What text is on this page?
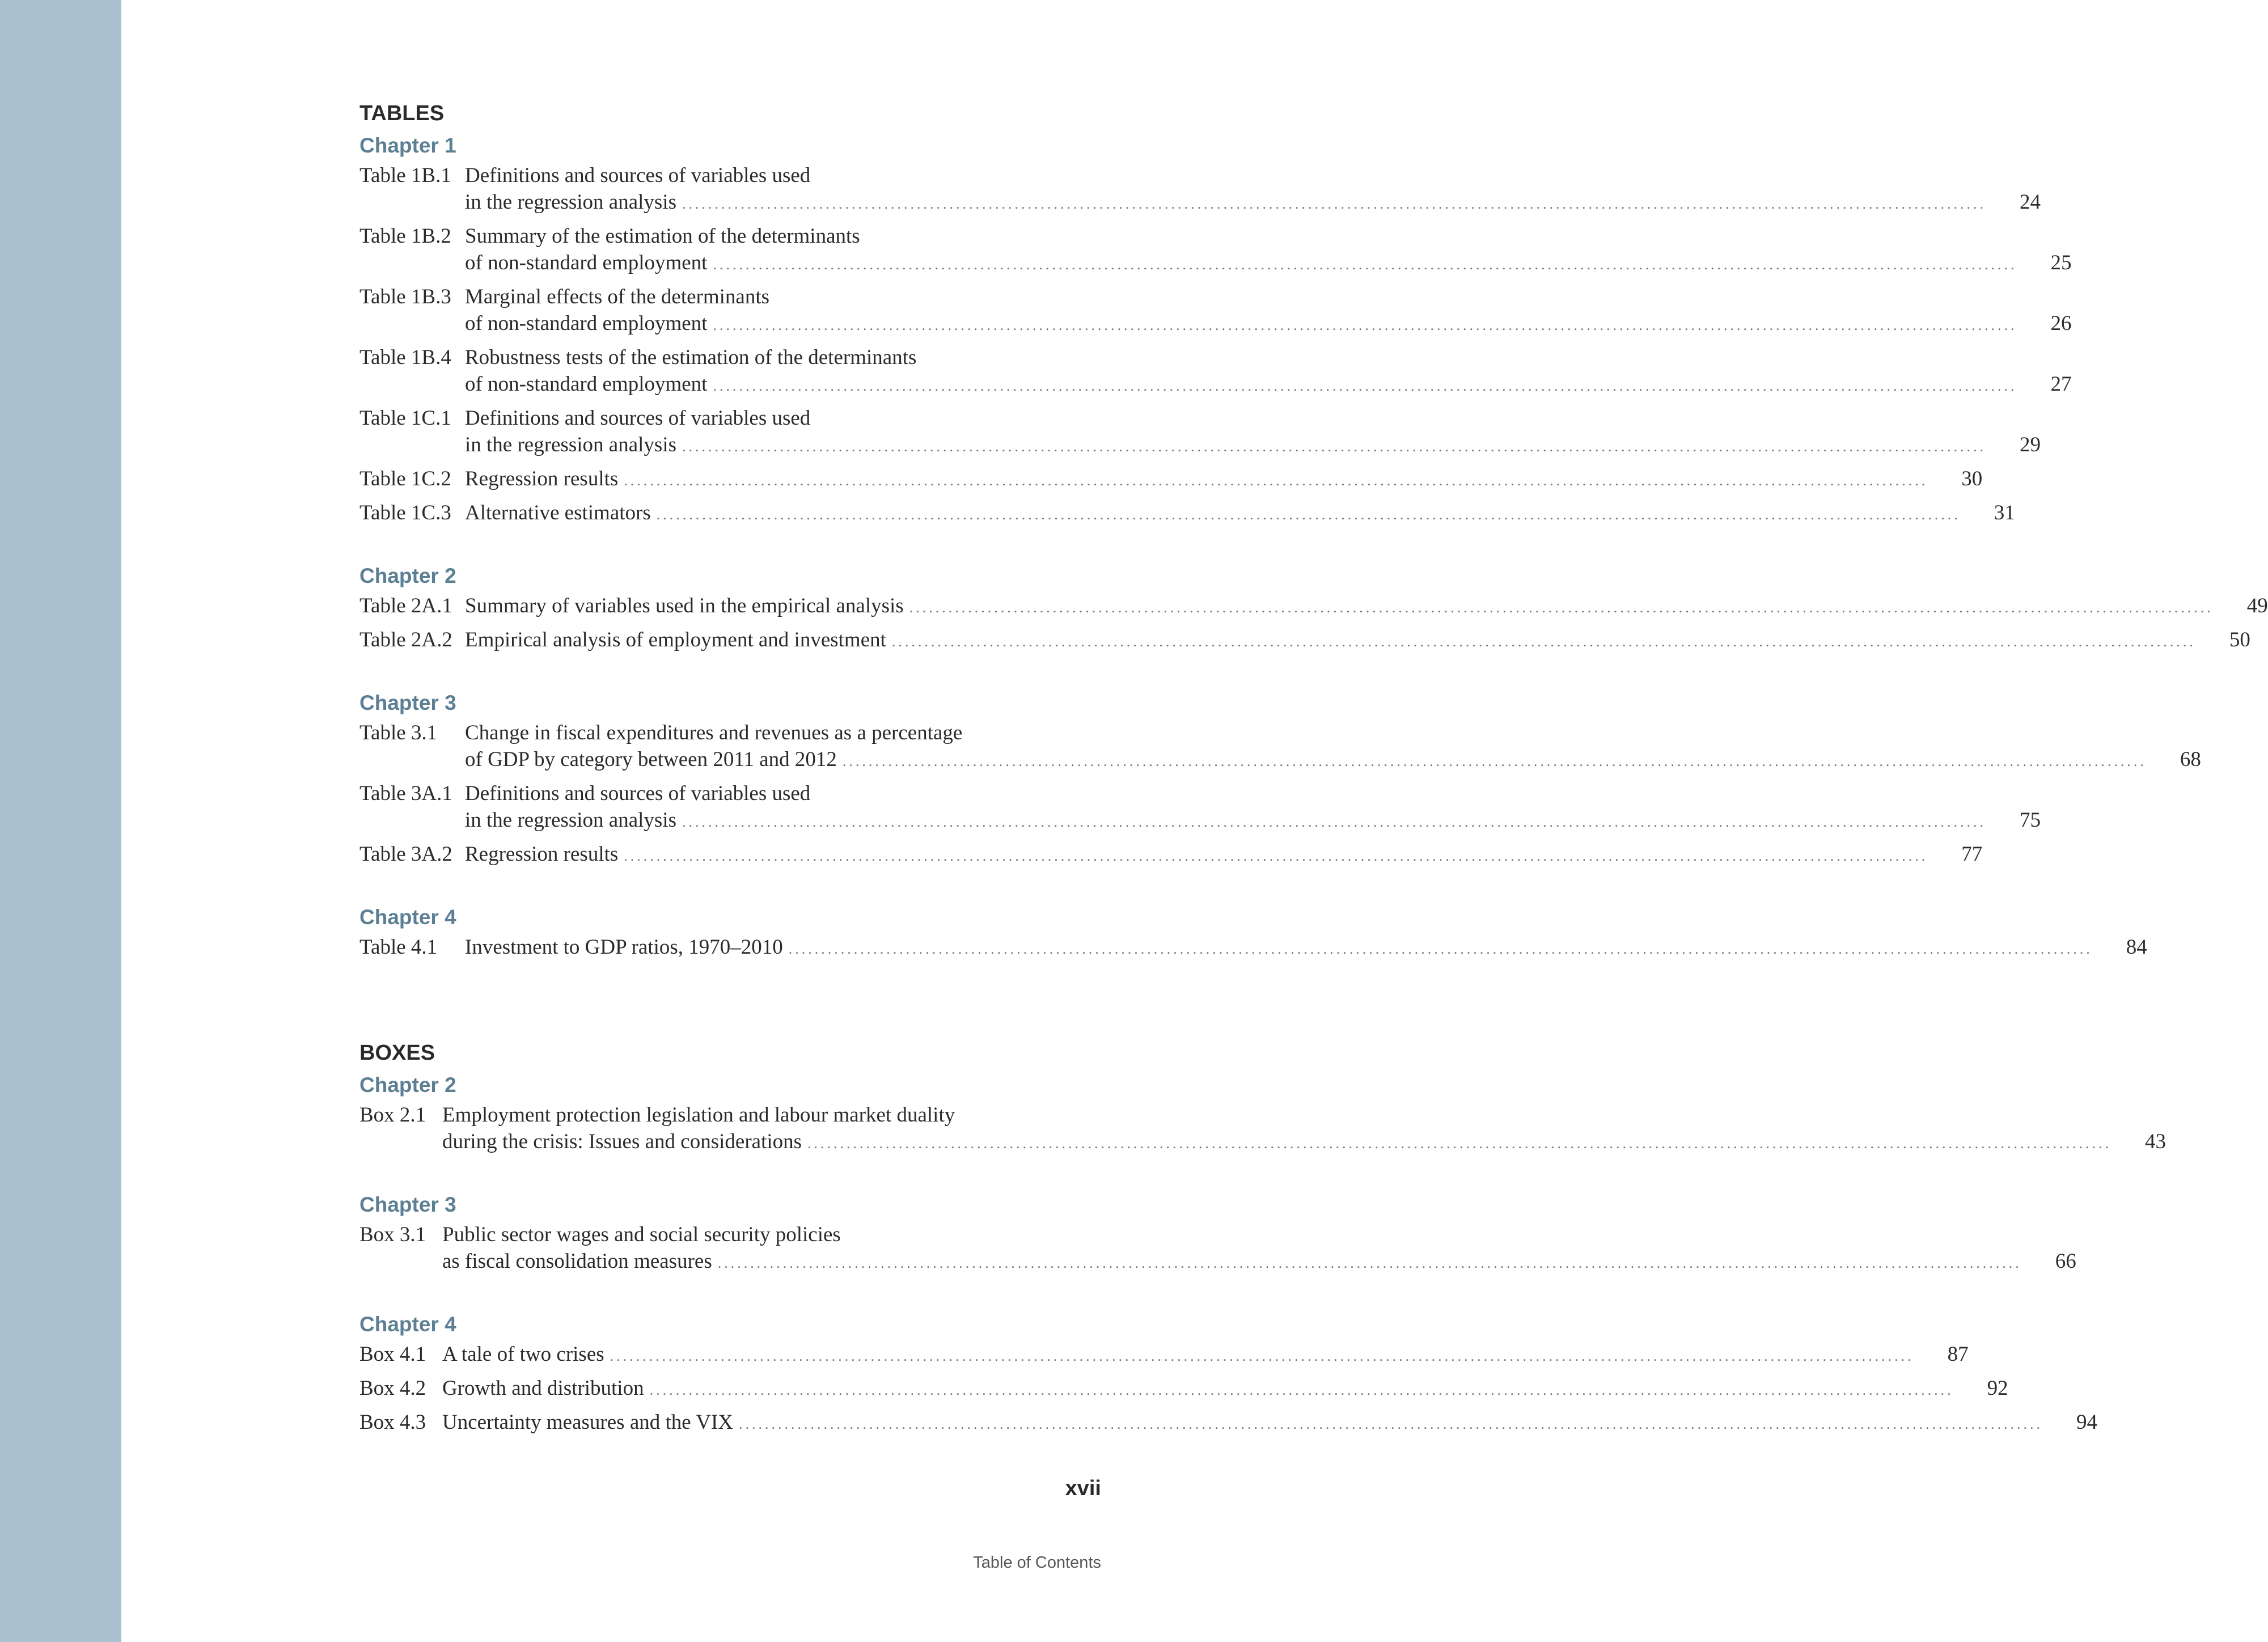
TABLES
Chapter 1
Table 1B.1 Definitions and sources of variables used
in the regression analysis ........................................................................................................................................................................................................	24
Table 1B.2 Summary of the estimation of the determinants
of non-standard employment ........................................................................................................................................................................................................	25
Table 1B.3 Marginal effects of the determinants
of non-standard employment ........................................................................................................................................................................................................	26
Table 1B.4 Robustness tests of the estimation of the determinants
of non-standard employment ........................................................................................................................................................................................................	27
Table 1C.1 Definitions and sources of variables used
in the regression analysis ........................................................................................................................................................................................................	29
Table 1C.2 Regression results ........................................................................................................................................................................................................	30
Table 1C.3 Alternative estimators ........................................................................................................................................................................................................	31
Chapter 2
Table 2A.1 Summary of variables used in the empirical analysis ........................................................................................................................................................................................................	49
Table 2A.2 Empirical analysis of employment and investment ........................................................................................................................................................................................................	50
Chapter 3
Table 3.1	Change in fiscal expenditures and revenues as a percentage
of GDP by category between 2011 and 2012 ........................................................................................................................................................................................................	68
Table 3A.1 Definitions and sources of variables used
in the regression analysis ........................................................................................................................................................................................................	75
Table 3A.2 Regression results ........................................................................................................................................................................................................	77
Chapter 4
Table 4.1	Investment to GDP ratios, 1970–2010 ........................................................................................................................................................................................................	84
BOXES
Chapter 2
Box 2.1 Employment protection legislation and labour market duality
during the crisis: Issues and considerations ........................................................................................................................................................................................................	43
Chapter 3
Box 3.1 Public sector wages and social security policies
as fiscal consolidation measures ........................................................................................................................................................................................................	66
Chapter 4
Box 4.1 A tale of two crises ........................................................................................................................................................................................................	87
Box 4.2 Growth and distribution ........................................................................................................................................................................................................	92
Box 4.3 Uncertainty measures and the VIX ........................................................................................................................................................................................................	94
xvii
Table of Contents
